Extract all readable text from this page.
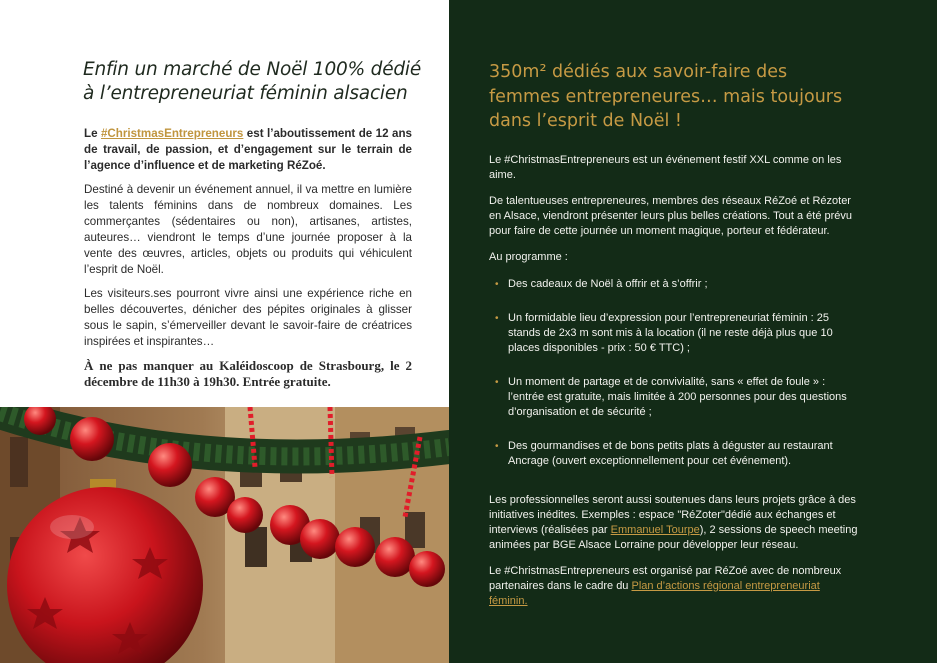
Enfin un marché de Noël 100% dédié à l’entrepreneuriat féminin alsacien

Le #ChristmasEntrepreneurs est l’aboutissement de 12 ans de travail, de passion, et d’engagement sur le terrain de l’agence d’influence et de marketing RéZoé.

Destiné à devenir un événement annuel, il va mettre en lumière les talents féminins dans de nombreux domaines. Les commerçantes (sédentaires ou non), artisanes, artistes, auteures… viendront le temps d’une journée proposer à la vente des œuvres, articles, objets ou produits qui véhiculent l’esprit de Noël.

Les visiteurs.ses pourront vivre ainsi une expérience riche en belles découvertes, dénicher des pépites originales à glisser sous le sapin, s’émerveiller devant le savoir-faire de créatrices inspirées et inspirantes…

À ne pas manquer au Kaléidoscoop de Strasbourg, le 2 décembre de 11h30 à 19h30. Entrée gratuite.

350m² dédiés aux savoir-faire des femmes entrepreneures… mais toujours dans l’esprit de Noël !

Le #ChristmasEntrepreneurs est un événement festif XXL comme on les aime.

De talentueuses entrepreneures, membres des réseaux RéZoé et Rézoter en Alsace, viendront présenter leurs plus belles créations. Tout a été prévu pour faire de cette journée un moment magique, porteur et fédérateur.

Au programme :

• Des cadeaux de Noël à offrir et à s’offrir ;
• Un formidable lieu d’expression pour l’entrepreneuriat féminin : 25 stands de 2x3 m sont mis à la location (il ne reste déjà plus que 10 places disponibles - prix : 50 € TTC) ;
• Un moment de partage et de convivialité, sans « effet de foule » : l’entrée est gratuite, mais limitée à 200 personnes pour des questions d’organisation et de sécurité ;
• Des gourmandises et de bons petits plats à déguster au restaurant Ancrage (ouvert exceptionnellement pour cet événement).

Les professionnelles seront aussi soutenues dans leurs projets grâce à des initiatives inédites. Exemples : espace "RéZoter"dédié aux échanges et interviews (réalisées par Emmanuel Tourpe), 2 sessions de speech meeting animées par BGE Alsace Lorraine pour développer leur réseau.

Le #ChristmasEntrepreneurs est organisé par RéZoé avec de nombreux partenaires dans le cadre du Plan d’actions régional entrepreneuriat féminin.
